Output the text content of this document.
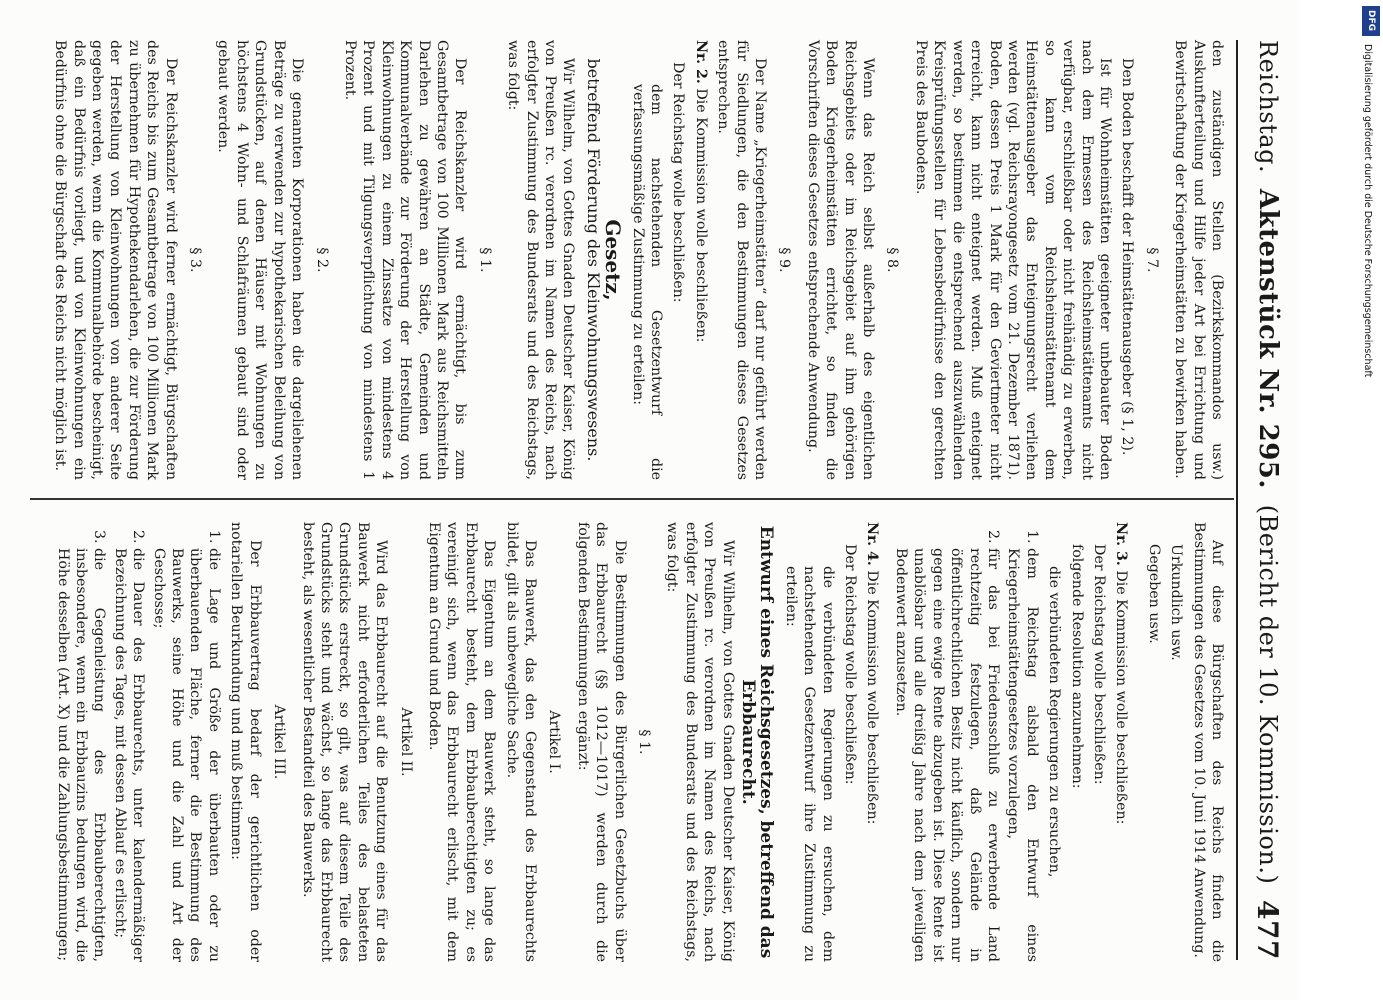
Reichstag.
Aktenstück Nr. 295.
(Bericht der 10. Kommission.)
477

den zuständigen Stellen (Bezirkskommandos usw.) Auskunfterteilung und Hilfe jeder Art bei Errichtung und Bewirtschaftung der Kriegerheimstätten zu bewirken haben.

§ 7.

Den Boden beschafft der Heimstättenausgeber (§ 1, 2).

Ist für Wohnheimstätten geeigneter unbebauter Boden nach dem Ermessen des Reichsheimstättenamts nicht verfügbar, erschließbar oder nicht freihändig zu erwerben, so kann vom Reichsheimstättenamt dem Heimstättenausgeber das Enteignungsrecht verliehen werden (vgl. Reichsrayongesetz vom 21. Dezember 1871). Boden, dessen Preis 1 Mark für den Geviertmeter nicht erreicht, kann nicht enteignet werden. Muß enteignet werden, so bestimmen die entsprechend auszuwählenden Kreisprüfungsstellen für Lebensbedürfnisse den gerechten Preis des Baubodens.

§ 8.

Wenn das Reich selbst außerhalb des eigentlichen Reichsgebiets oder im Reichsgebiet auf ihm gehörigen Boden Kriegerheimstätten errichtet, so finden die Vorschriften dieses Gesetzes entsprechende Anwendung.

§ 9.

Der Name „Kriegerheimstätten“ darf nur geführt werden für Siedlungen, die den Bestimmungen dieses Gesetzes entsprechen.

Nr. 2. Die Kommission wolle beschließen:

Der Reichstag wolle beschließen:

dem nachstehenden Gesetzentwurf die verfassungsmäßige Zustimmung zu erteilen:

Gesetz,
betreffend Förderung des Kleinwohnungswesens.

Wir Wilhelm, von Gottes Gnaden Deutscher Kaiser, König von Preußen rc. verordnen im Namen des Reichs, nach erfolgter Zustimmung des Bundesrats und des Reichstags, was folgt:

§ 1.

Der Reichskanzler wird ermächtigt, bis zum Gesamtbetrage von 100 Millionen Mark aus Reichsmitteln Darlehen zu gewähren an Städte, Gemeinden und Kommunalverbände zur Förderung der Herstellung von Kleinwohnungen zu einem Zinssatze von mindestens 4 Prozent und mit Tilgungsverpflichtung von mindestens 1 Prozent.

§ 2.

Die genannten Korporationen haben die dargeliehenen Beträge zu verwenden zur hypothekarischen Beleihung von Grundstücken, auf denen Häuser mit Wohnungen zu höchstens 4 Wohn- und Schlafräumen gebaut sind oder gebaut werden.

§ 3.

Der Reichskanzler wird ferner ermächtigt, Bürgschaften des Reichs bis zum Gesamtbetrage von 100 Millionen Mark zu übernehmen für Hypothekendarlehen, die zur Förderung der Herstellung von Kleinwohnungen von anderer Seite gegeben werden, wenn die Kommunalbehörde bescheinigt, daß ein Bedürfnis vorliegt, und von Kleinwohnungen ein Bedürfnis ohne die Bürgschaft des Reichs nicht möglich ist.

Auf diese Bürgschaften des Reichs finden die Bestimmungen des Gesetzes vom 10. Juni 1914 Anwendung.

Urkundlich usw.

Gegeben usw.

Nr. 3. Die Kommission wolle beschließen:

Der Reichstag wolle beschließen:

folgende Resolution anzunehmen:

die verbündeten Regierungen zu ersuchen,

1. dem Reichstag alsbald den Entwurf eines Kriegerheimstättengesetzes vorzulegen,
2. für das bei Friedensschluß zu erwerbende Land rechtzeitig festzulegen, daß Gelände in öffentlichrechtlichen Besitz nicht käuflich, sondern nur gegen eine ewige Rente abzugeben ist. Diese Rente ist unablösbar und alle dreißig Jahre nach dem jeweiligen Bodenwert anzusetzen.

Nr. 4. Die Kommission wolle beschließen:

Der Reichstag wolle beschließen:

die verbündeten Regierungen zu ersuchen, dem nachstehenden Gesetzentwurf ihre Zustimmung zu erteilen:

Entwurf eines Reichsgesetzes, betreffend das Erbbaurecht.

Wir Wilhelm, von Gottes Gnaden Deutscher Kaiser, König von Preußen rc. verordnen im Namen des Reichs, nach erfolgter Zustimmung des Bundesrats und des Reichstags, was folgt:

§ 1.

Die Bestimmungen des Bürgerlichen Gesetzbuchs über das Erbbaurecht (§§ 1012—1017) werden durch die folgenden Bestimmungen ergänzt:

Artikel I.

Das Bauwerk, das den Gegenstand des Erbbaurechts bildet, gilt als unbewegliche Sache.

Das Eigentum an dem Bauwerk steht, so lange das Erbbaurecht besteht, dem Erbbauberechtigten zu; es vereinigt sich, wenn das Erbbaurecht erlischt, mit dem Eigentum an Grund und Boden.

Artikel II.

Wird das Erbbaurecht auf die Benutzung eines für das Bauwerk nicht erforderlichen Teiles des belasteten Grundstücks erstreckt, so gilt, was auf diesem Teile des Grundstücks steht und wächst, so lange das Erbbaurecht besteht, als wesentlicher Bestandteil des Bauwerks.

Artikel III.

Der Erbbauvertrag bedarf der gerichtlichen oder notariellen Beurkundung und muß bestimmen:

1. die Lage und Größe der überbauten oder zu überbauenden Fläche, ferner die Bestimmung des Bauwerks, seine Höhe und die Zahl und Art der Geschosse;
2. die Dauer des Erbbaurechts, unter kalendermäßiger Bezeichnung des Tages, mit dessen Ablauf es erlischt;
3. die Gegenleistung des Erbbauberechtigten, insbesondere, wenn ein Erbbauzins bedungen wird, die Höhe desselben (Art. X) und die Zahlungsbestimmungen;
DFG
Digitalisierung gefördert durch die Deutsche Forschungsgemeinschaft
